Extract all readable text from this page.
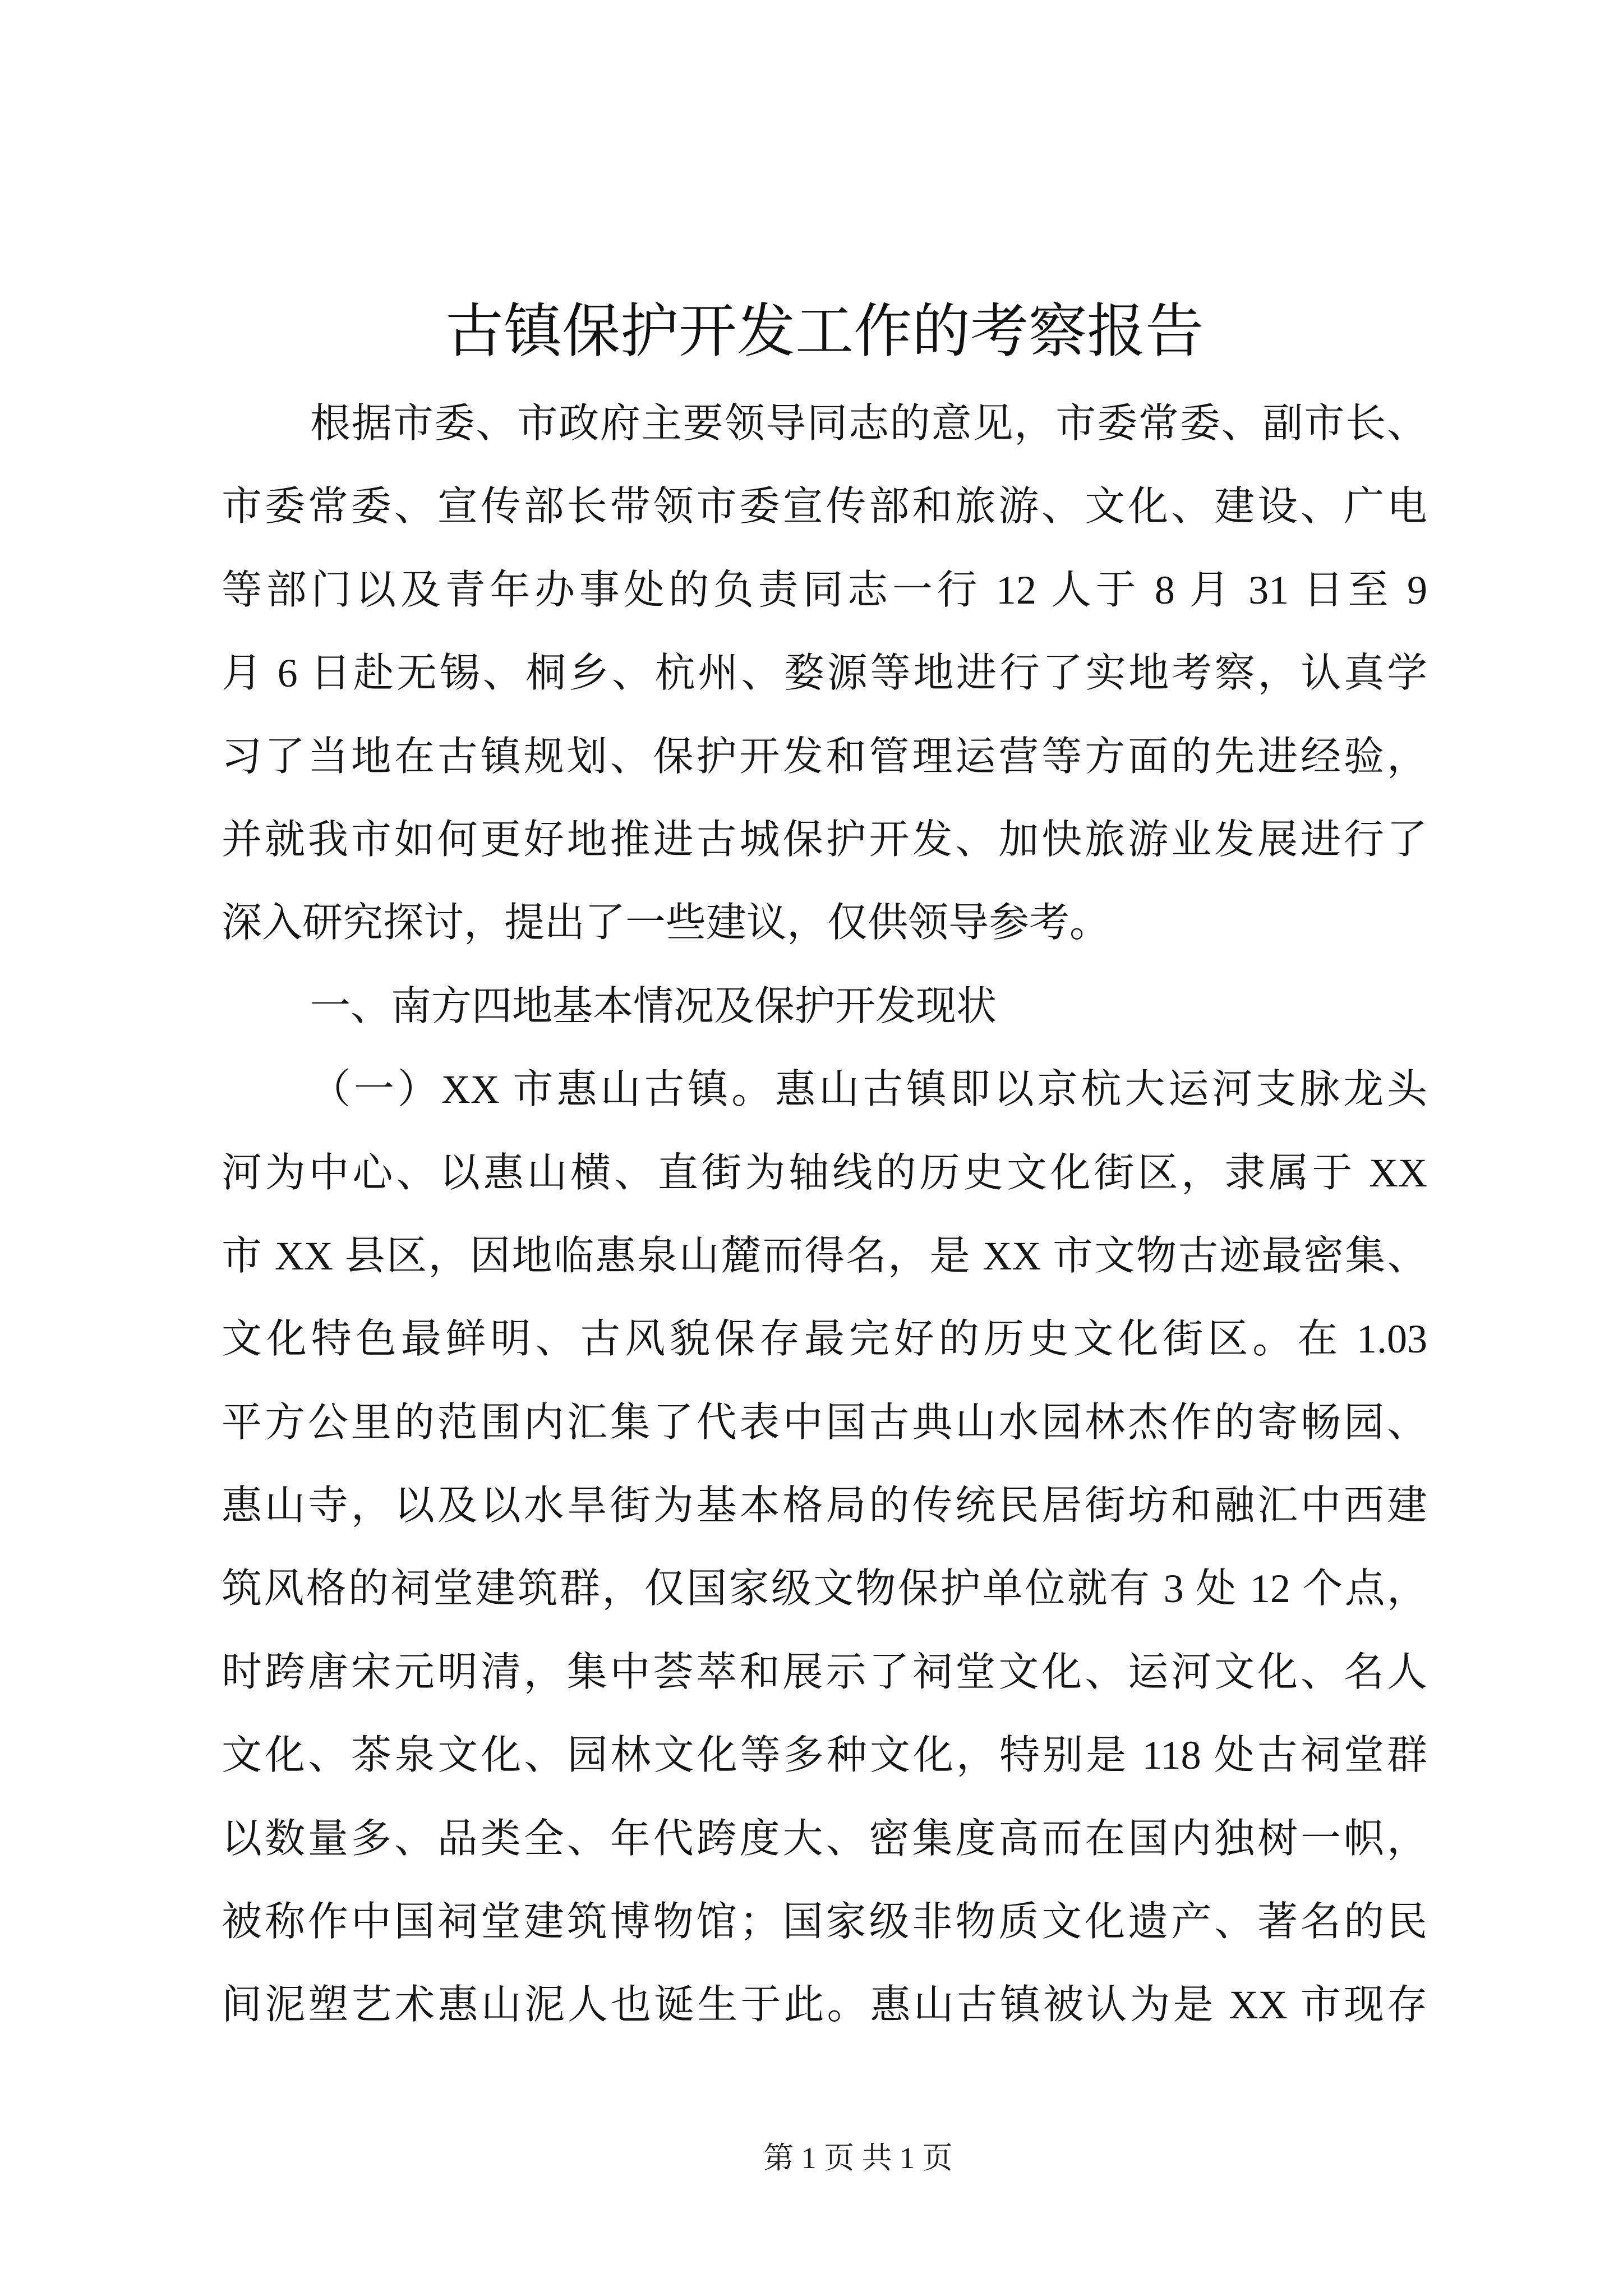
古镇保护开发工作的考察报告
根据市委、市政府主要领导同志的意见，市委常委、副市长、
市委常委、宣传部长带领市委宣传部和旅游、文化、建设、广电
等部门以及青年办事处的负责同志一行 12 人于 8 月 31 日至 9
月 6 日赴无锡、桐乡、杭州、婺源等地进行了实地考察，认真学
习了当地在古镇规划、保护开发和管理运营等方面的先进经验，
并就我市如何更好地推进古城保护开发、加快旅游业发展进行了
深入研究探讨，提出了一些建议，仅供领导参考。
一、南方四地基本情况及保护开发现状
（一）XX 市惠山古镇。惠山古镇即以京杭大运河支脉龙头
河为中心、以惠山横、直街为轴线的历史文化街区，隶属于 XX
市 XX 县区，因地临惠泉山麓而得名，是 XX 市文物古迹最密集、
文化特色最鲜明、古风貌保存最完好的历史文化街区。在 1.03
平方公里的范围内汇集了代表中国古典山水园林杰作的寄畅园、
惠山寺，以及以水旱街为基本格局的传统民居街坊和融汇中西建
筑风格的祠堂建筑群，仅国家级文物保护单位就有 3 处 12 个点，
时跨唐宋元明清，集中荟萃和展示了祠堂文化、运河文化、名人
文化、茶泉文化、园林文化等多种文化，特别是 118 处古祠堂群
以数量多、品类全、年代跨度大、密集度高而在国内独树一帜，
被称作中国祠堂建筑博物馆；国家级非物质文化遗产、著名的民
间泥塑艺术惠山泥人也诞生于此。惠山古镇被认为是 XX 市现存
第 1 页 共 1 页
